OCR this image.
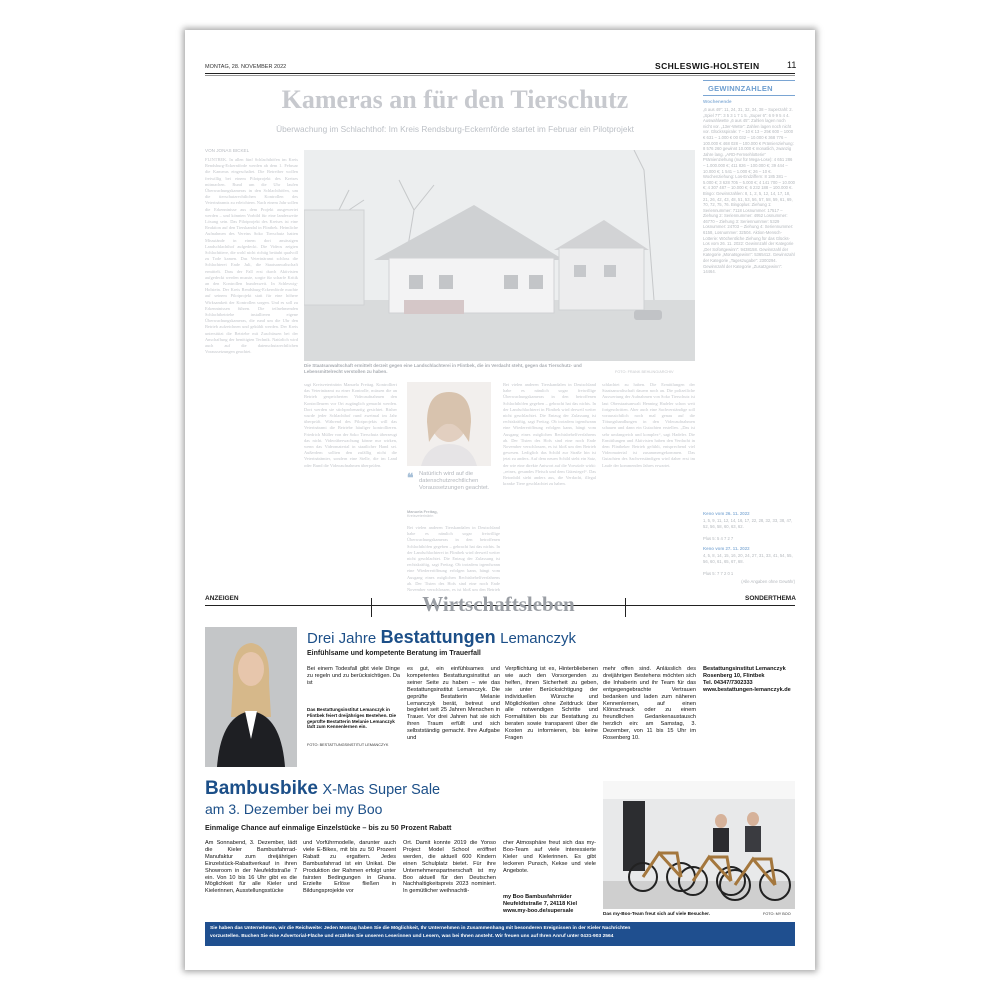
MONTAG, 28. NOVEMBER 2022	SCHLESWIG-HOLSTEIN	11
Kameras an für den Tierschutz
Überwachung im Schlachthof: Im Kreis Rendsburg-Eckernförde startet im Februar ein Pilotprojekt
VON JONAS BICKEL
FLINTBEK. In allen fünf Schlachthöfen im Kreis Rendsburg-Eckernförde werden ab dem 1. Februar die Kameras eingeschaltet. Die Betreiber wollen freiwillig bei einem Pilotprojekt des Kreises mitmachen. Rund um die Uhr laufen Überwachungskameras in den Schlachthöfen, um die tierschutzrechtlichen Kontrollen des Veterinäramts zu erleichtern. Nach einem Jahr sollen die Erkenntnisse aus dem Projekt ausgewertet werden – und könnten Vorbild für eine landesweite Lösung sein. Das Pilotprojekt des Kreises ist eine Reaktion auf den Tierskandal in Flintbek. Heimliche Aufnahmen des Vereins Soko Tierschutz hatten Missstände in einem dort ansässigen Landschlachthof aufgedeckt. Die Videos zeigten Schlachttiere, die wohl nicht richtig betäubt qualvoll zu Tode kamen. Das Veterinäramt schloss die Schlachterei Ende Juli, die Staatsanwaltschaft ermittelt. Dass der Fall erst durch Aktivisten aufgedeckt werden musste, sorgte für scharfe Kritik an den Kontrollen bundesweit. In Schleswig-Holstein. Der Kreis Rendsburg-Eckernförde machte auf seinem Pilotprojekt statt für eine höhere Wirksamkeit der Kontrollen sorgen. Und es soll zu Erkenntnissen führen. Die teilnehmenden Schlachtbetriebe installieren eigene Überwachungskameras, die rund um die Uhr den Betrieb aufzeichnen und gekühlt werden. Der Kreis unterstützt die Betriebe mit Zuschüssen bei der Anschaffung der benötigten Technik. Natürlich wird auch auf die datenschutzrechtlichen Voraussetzungen geachtet.
Die Staatsanwaltschaft ermittelt derzeit gegen eine Landschlachterei in Flintbek, die im Verdacht steht, gegen das Tierschutz- und Lebensmittelrecht verstoßen zu haben.	FOTO: FRANK BEHLING/ARCHIV
sagt Kreisveterinärin Manuela Freitag. Kontrolliert das Veterinäramt zu einer Kontrolle, müssen die an Betrieb gespeicherten Videoaufnahmen den Kontrolleuren vor Ort zugänglich gemacht werden. Dort werden sie stichprobenartig gesichtet. Bisher wurde jeder Schlachthof rund zweimal im Jahr überprüft. Während des Pilotprojekts will das Veterinäramt die Betriebe häufiger kontrollieren. Friedrich Müller von der Soko Tierschutz überzeugt das nicht. Videoüberwachung könne nur wirken, wenn das Videomaterial in staatlicher Hand sei. Außerdem sollten den zufällig nicht die Veterinärämter, sondern eine Stelle, die im Land oder Bund die Videoaufnahmen überprüfen.
❝ Natürlich wird auf die datenschutzrechtlichen Voraussetzungen geachtet.
Manuela Freitag,
Kreisveterinärin
Bei vielen anderen Tierskandalen in Deutschland habe es nämlich sogar freiwillige Überwachungskameras in den betroffenen Schlachthöfen gegeben – gebracht hat das nichts. In der Landschlachterei in Flintbek wird derweil weiter nicht geschlachtet. Die Entzug der Zulassung ist rechtskräftig, sagt Freitag. Ob trotzdem irgendwann eine Wiedereröffnung erfolgen kann, hängt vom Ausgang eines möglichen Rechtsbehelfverfahrens ab. Der Tisten des Hofs sind eine noch Ende November verschlossen, es ist bloß um den Betrieb gewesen. Lediglich das Schild zur Straße hin ist jetzt zu anders. Auf dem neuen Schild steht ein Satz, der wie eine direkte Antwort auf die Vorwürfe wirkt: „reines, gesundes Fleisch und dem Gütesiegel“. Das Betonbild sieht anders aus, die Verdacht, illegal kranke Tiere geschlachtet zu haben.
schlachtet zu haben. Die Ermittlungen der Staatsanwaltschaft dauern noch an. Die polizeiliche Auswertung der Aufnahmen von Soko Tierschutz ist laut Oberstaatsanwalt Henning Hadeler schon weit fortgeschritten. Aber auch eine Sachverständige soll voraussichtlich noch mal genau auf die Tötungshandlungen in den Videoaufnahmen schauen und dann ein Gutachten erstellen. „Das ist sehr umfangreich und komplex“, sagt Hadeler. Die Ermittlungen und Aktivisten haben den Verdacht in dem Flintbeker Betrieb gefühlt, entsprechend viel Videomaterial ist zusammengekommen. Das Gutachten des Sachverständigen wird daher erst im Laufe der kommenden Jahres erwartet.
Bei vielen anderen Tierskandalen in Deutschland habe es nämlich sogar freiwillige Überwachungskameras in den betroffenen Schlachthöfen gegeben – gebracht hat das nichts. In der Landschlachterei in Flintbek wird derweil weiter nicht geschlachtet. Die Entzug der Zulassung ist rechtskräftig, sagt Freitag. Ob trotzdem irgendwann eine Wiedereröffnung erfolgen kann, hängt vom Ausgang eines möglichen Rechtsbehelfverfahrens ab. Der Tisten des Hofs sind eine noch Ende November verschlossen, es ist bloß um den Betrieb
GEWINNZAHLEN
Wochenende
„6 aus 49“: 11, 24, 31, 32, 34, 38 – Superzahl: 2. „Spiel 77“: 3 5 3 1 7 1 5. „Super 6“: 6 9 9 5 4 4. Auswahlwette „6 aus 45“: Zahlen lagen noch nicht vor. „13er-Wette“: Zahlen lagen noch nicht vor. Glücksspirale: 7 – 10 € 13 – 25€ 600 – 1000 € 631 – 1.000 € 00 032 – 10.000 € 368 776 – 100.000 € 468 028 – 100.000 € Prämienziehung: 8 576 260 gewinnt 10.000 € monatlich, zwanzig Jahre lang. „ARD-Fernsehlotterie“ Prämienziehung (nur für Mega-Lose): 4 651 286 – 1.000.000 €; 411 826 – 100.000 €; 39 444 – 10.000 €; 1 541 – 1.000 €; 26 – 10 €. Wochenziehung: Los-Endziffern: 8 185 381 – 5.000 €; 3 628 705 – 5.000 €; 4 141 700 – 10.000 €; 4 307 487 – 10.000 €; 6 232 188 – 100.000 €. Bingo: Gewinnzahlen: 8, 1, 2, 5, 12, 14, 17, 18, 21, 26, 42, 43, 48, 51, 53, 56, 57, 58, 59, 61, 69, 70, 72, 75, 76. Bingoplus: Ziehung 1: Seriennummer: 7118 Losnummer: 17517 – Ziehung 2: Seriennummer: 4952 Losnummer: 46770 – Ziehung 3: Seriennummer: 5329 Losnummer: 24703 – Ziehung 4: Seriennummer: 6158, Losnummer: 32504. Aktion-Mensch-Lotterie: Wöchentliche Ziehung für das Glücks-Los vom 26. 11. 2022: Gewinnzahl der Kategorie „Der Sofortgewinn“: 9438158. Gewinnzahl der Kategorie „Monatsgewinn“: 5365412. Gewinnzahl der Kategorie „Tageszugabe“: 2300294. Gewinnzahl der Kategorie „Zusatzgewinn“: 14464.
Keno vom 26. 11. 2022
1, 5, 9, 11, 12, 14, 16, 17, 22, 28, 32, 33, 38, 47, 52, 56, 58, 60, 63, 62.
Plus 5: 5 4 7 2 7
Keno vom 27. 11. 2022
4, 5, 8, 14, 15, 16, 20, 24, 27, 31, 33, 41, 54, 55, 56, 60, 61, 65, 67, 68.
Plus 5: 7 7 2 0 1
(Alle Angaben ohne Gewähr)
ANZEIGEN	SONDERTHEMA
Wirtschaftsleben
Drei Jahre Bestattungen Lemanczyk
Einfühlsame und kompetente Beratung im Trauerfall
Bei einem Todesfall gibt viele Dinge zu regeln und zu berücksichtigen. Da ist
Das Bestattungsinstitut Lemanczyk in Flintbek feiert dreijähriges Bestehen. Die geprüfte Bestatterin Melanie Lemanczyk lädt zum Kennenlernen ein.
FOTO: BESTATTUNGSINSTITUT LEMANCZYK
es gut, ein einfühlsames und kompetentes Bestattungsinstitut an seiner Seite zu haben – wie das Bestattungsinstitut Lemanczyk. Die geprüfte Bestatterin Melanie Lemanczyk berät, betreut und begleitet seit 25 Jahren Menschen in Trauer. Vor drei Jahren hat sie sich ihren Traum erfüllt und sich selbstständig gemacht. Ihre Aufgabe und
Verpflichtung ist es, Hinterbliebenen wie auch den Vorsorgenden zu helfen, ihnen Sicherheit zu geben, sie unter Berücksichtigung der individuellen Wünsche und Möglichkeiten ohne Zeitdruck über alle notwendigen Schritte und Formalitäten bis zur Bestattung zu beraten sowie transparent über die Kosten zu informieren, bis keine Fragen
mehr offen sind. Anlässlich des dreijährigen Bestehens möchten sich die Inhaberin und ihr Team für das entgegengebrachte Vertrauen bedanken und laden zum näheren Kennenlernen, auf einen Klönschnack oder zu einem freundlichen Gedankenaustausch herzlich ein: am Samstag, 3. Dezember, von 11 bis 15 Uhr im Rosenberg 10.
Bestattungsinstitut Lemanczyk
Rosenberg 10, Flintbek
Tel. 04347/7302333
www.bestattungen-lemanczyk.de
Bambusbike X-Mas Super Sale
am 3. Dezember bei my Boo
Einmalige Chance auf einmalige Einzelstücke – bis zu 50 Prozent Rabatt
Am Sonnabend, 3. Dezember, lädt die Kieler Bambusfahrrad-Manufaktur zum dreijährigen Einzelstück-Rabattverkauf in ihren Showroom in der Neufeldtstraße 7 ein. Von 10 bis 16 Uhr gibt es die Möglichkeit für alle Kieler und Kielerinnen, Ausstellungsstücke
und Vorführmodelle, darunter auch viele E-Bikes, mit bis zu 50 Prozent Rabatt zu ergattern. Jedes Bambusfahrrad ist ein Unikat. Die Produktion der Rahmen erfolgt unter fairsten Bedingungen in Ghana. Erzielte Erlöse fließen in Bildungsprojekte vor
Ort. Damit konnte 2019 die Yonso Project Model School eröffnet werden, die aktuell 600 Kindern einen Schulplatz bietet. Für ihre Unternehmenspartnerschaft ist my Boo aktuell für den Deutschen Nachhaltigkeitspreis 2023 nominiert. In gemütlicher weihnachtli-
cher Atmosphäre freut sich das my-Boo-Team auf viele interessierte Kieler und Kielerinnen. Es gibt leckeren Punsch, Kekse und viele Angebote.
my Boo Bambusfahrräder
Neufeldtstraße 7, 24118 Kiel
www.my-boo.de/supersale	Das my-Boo-Team freut sich auf viele Besucher.	FOTO: MY BOO
Sie haben das Unternehmen, wir die Reichweite: Jeden Montag haben Sie die Möglichkeit, Ihr Unternehmen in Zusammenhang mit besonderen Ereignissen in der Kieler Nachrichten
vorzustellen. Buchen Sie eine Advertorial-Fläche und erzählen Sie unseren Leserinnen und Lesern, was bei Ihnen ansteht. Wir freuen uns auf Ihren Anruf unter 0431-903 2564
